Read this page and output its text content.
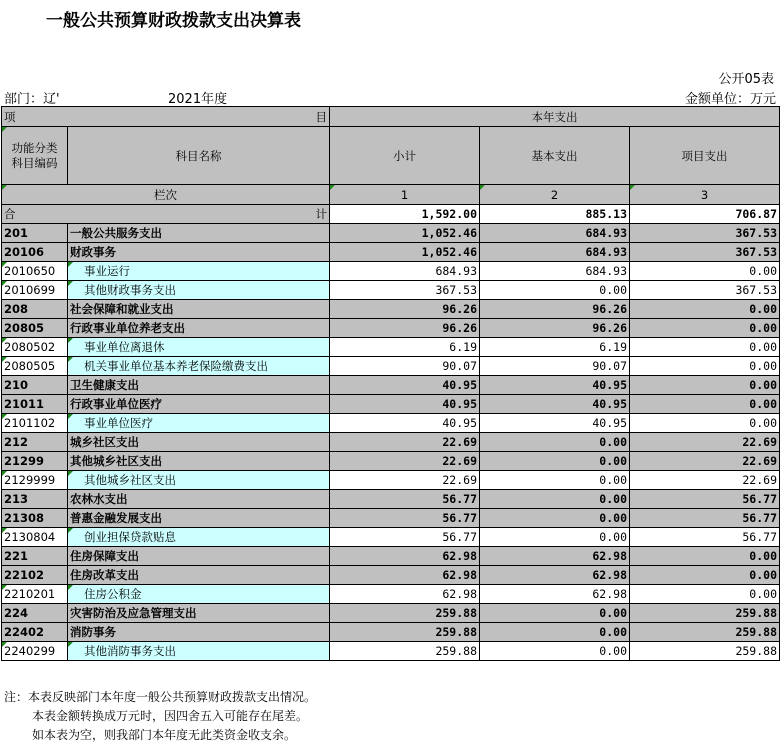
一般公共预算财政拨款支出决算表
公开05表
部门：辽'	2021年度	金额单位：万元
项 目		本年支出		
功能分类
科目编码	科目名称	小计	基本支出	项目支出
栏次		1	2	3
合 计		1,592.00	885.13	706.87
201	一般公共服务支出	1,052.46	684.93	367.53
20106	财政事务	1,052.46	684.93	367.53
2010650	事业运行	684.93	684.93	0.00
2010699	其他财政事务支出	367.53	0.00	367.53
208	社会保障和就业支出	96.26	96.26	0.00
20805	行政事业单位养老支出	96.26	96.26	0.00
2080502	事业单位离退休	6.19	6.19	0.00
2080505	机关事业单位基本养老保险缴费支出	90.07	90.07	0.00
210	卫生健康支出	40.95	40.95	0.00
21011	行政事业单位医疗	40.95	40.95	0.00
2101102	事业单位医疗	40.95	40.95	0.00
212	城乡社区支出	22.69	0.00	22.69
21299	其他城乡社区支出	22.69	0.00	22.69
2129999	其他城乡社区支出	22.69	0.00	22.69
213	农林水支出	56.77	0.00	56.77
21308	普惠金融发展支出	56.77	0.00	56.77
2130804	创业担保贷款贴息	56.77	0.00	56.77
221	住房保障支出	62.98	62.98	0.00
22102	住房改革支出	62.98	62.98	0.00
2210201	住房公积金	62.98	62.98	0.00
224	灾害防治及应急管理支出	259.88	0.00	259.88
22402	消防事务	259.88	0.00	259.88
2240299	其他消防事务支出	259.88	0.00	259.88
注：本表反映部门本年度一般公共预算财政拨款支出情况。
本表金额转换成万元时，因四舍五入可能存在尾差。
如本表为空，则我部门本年度无此类资金收支余。
